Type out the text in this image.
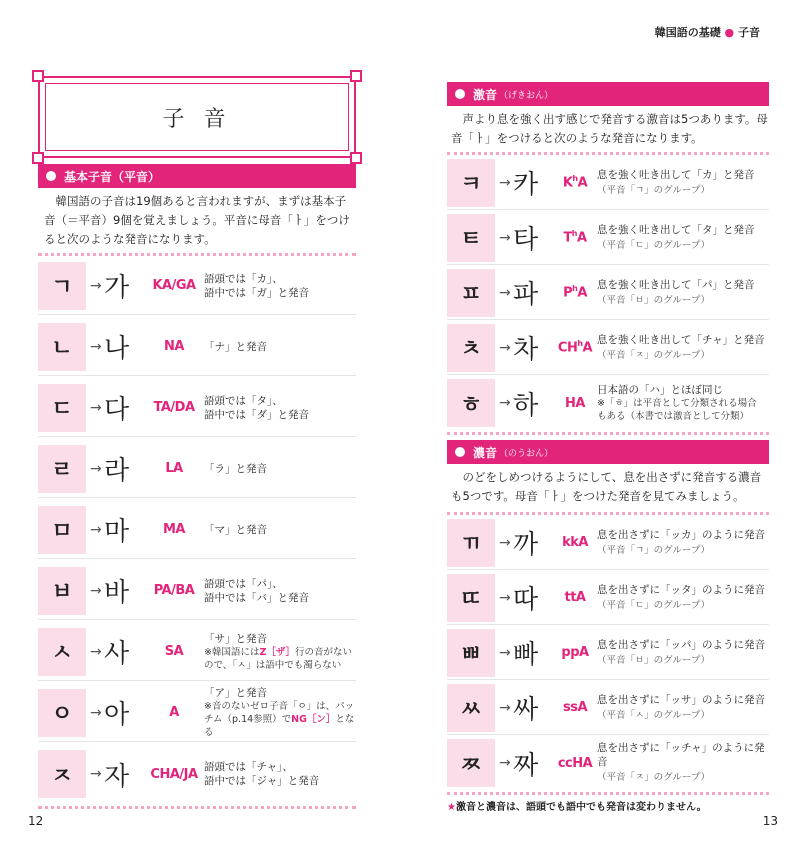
子 音
基本子音（平音）
韓国語の子音は19個あると言われますが、まずは基本子音（＝平音）9個を覚えましょう。平音に母音「ㅏ」をつけると次のような発音になります。
ㄱ	→ 가	KA/GA 語頭では「カ」、
語中では「ガ」と発音
ㄴ	→ 나	NA	「ナ」と発音
ㄷ	→ 다	TA/DA 語頭では「タ」、
語中では「ダ」と発音
ㄹ	→ 라	LA	「ラ」と発音
ㅁ	→ 마	MA	「マ」と発音
ㅂ	→ 바	PA/BA 語頭では「パ」、
語中では「バ」と発音
ㅅ	→ 사	SA
「サ」と発音
※韓国語にはZ［ザ］行の音がない
ので、「ㅅ」は語中でも濁らない
ㅇ	→ 아	A
「ア」と発音
※音のないゼロ子音「ㅇ」は、パッ
チム（p.14参照）でNG［ン］となる
ㅈ	→ 자	CHA/JA 語頭では「チャ」、
語中では「ジャ」と発音
12
韓国語の基礎 ● 子音
激音 （げきおん）
声より息を強く出す感じで発音する激音は5つあります。母音「ㅏ」をつけると次のような発音になります。
ㅋ	→ 카	$K^hA$
息を強く吐き出して「カ」と発音
（平音「ㄱ」のグループ）
ㅌ	→ 타	$T^hA$
息を強く吐き出して「タ」と発音
（平音「ㄷ」のグループ）
ㅍ	→ 파	$P^hA$
息を強く吐き出して「パ」と発音
（平音「ㅂ」のグループ）
ㅊ	→ 차	$CH^hA$
息を強く吐き出して「チャ」と発音
（平音「ㅈ」のグループ）
ㅎ	→ 하	HA
日本語の「ハ」とほぼ同じ
※「ㅎ」は平音として分類される場合
もある（本書では激音として分類）
濃音 （のうおん）
のどをしめつけるようにして、息を出さずに発音する濃音も5つです。母音「ㅏ」をつけた発音を見てみましょう。
ㄲ	→ 까	kkA
息を出さずに「ッカ」のように発音
（平音「ㄱ」のグループ）
ㄸ	→ 따	ttA
息を出さずに「ッタ」のように発音
（平音「ㄷ」のグループ）
ㅃ	→ 빠	ppA
息を出さずに「ッパ」のように発音
（平音「ㅂ」のグループ）
ㅆ	→ 싸	ssA
息を出さずに「ッサ」のように発音
（平音「ㅅ」のグループ）
ㅉ	→ 짜	ccHA
息を出さずに「ッチャ」のように発音
（平音「ㅈ」のグループ）
★激音と濃音は、語頭でも語中でも発音は変わりません。
13
